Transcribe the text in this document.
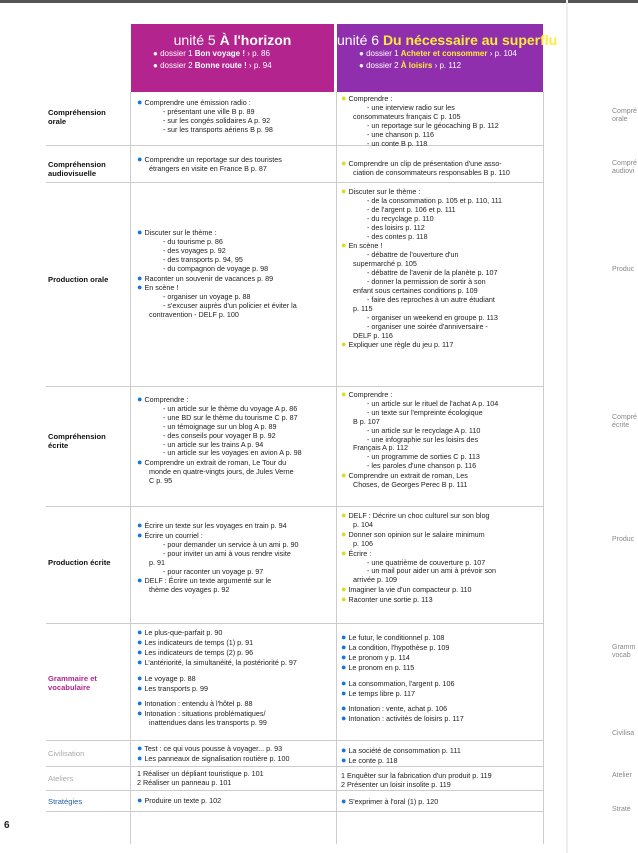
unité 5 À l'horizon
● dossier 1 Bon voyage ! › p. 86
● dossier 2 Bonne route ! › p. 94
unité 6 Du nécessaire au superflu
● dossier 1 Acheter et consommer › p. 104
● dossier 2 À loisirs › p. 112
Compréhension
orale
Compréhension
audiovisuelle
Production orale
Compréhension
écrite
Production écrite
Grammaire et
vocabulaire
Civilisation
Ateliers
Stratégies
● Comprendre une émission radio :
- présentant une ville B p. 89
- sur les congés solidaires A p. 92
- sur les transports aériens B p. 98
● Comprendre un reportage sur des touristes
étrangers en visite en France B p. 87
● Discuter sur le thème :
- du tourisme p. 86
- des voyages p. 92
- des transports p. 94, 95
- du compagnon de voyage p. 98
● Raconter un souvenir de vacances p. 89
● En scène !
- organiser un voyage p. 88
- s'excuser auprès d'un policier et éviter la
contravention - DELF p. 100
● Comprendre :
- un article sur le thème du voyage A p. 86
- une BD sur le thème du tourisme C p. 87
- un témoignage sur un blog A p. 89
- des conseils pour voyager B p. 92
- un article sur les trains A p. 94
- un article sur les voyages en avion A p. 98
● Comprendre un extrait de roman, Le Tour du
monde en quatre-vingts jours, de Jules Verne
C p. 95
● Écrire un texte sur les voyages en train p. 94
● Écrire un courriel :
- pour demander un service à un ami p. 90
- pour inviter un ami à vous rendre visite
p. 91
- pour raconter un voyage p. 97
● DELF : Écrire un texte argumenté sur le
thème des voyages p. 92
● Le plus-que-parfait p. 90
● Les indicateurs de temps (1) p. 91
● Les indicateurs de temps (2) p. 96
● L'antériorité, la simultanéité, la postériorité p. 97
● Le voyage p. 88
● Les transports p. 99
● Intonation : entendu à l'hôtel p. 88
● Intonation : situations problématiques/
inattendues dans les transports p. 99
● Test : ce qui vous pousse à voyager... p. 93
● Les panneaux de signalisation routière p. 100
1 Réaliser un dépliant touristique p. 101
2 Réaliser un panneau p. 101
● Produire un texte p. 102
● Comprendre :
- une interview radio sur les
consommateurs français C p. 105
- un reportage sur le géocaching B p. 112
- une chanson p. 116
- un conte B p. 118
● Comprendre un clip de présentation d'une asso-
ciation de consommateurs responsables B p. 110
● Discuter sur le thème :
- de la consommation p. 105 et p. 110, 111
- de l'argent p. 106 et p. 111
- du recyclage p. 110
- des loisirs p. 112
- des contes p. 118
● En scène !
- débattre de l'ouverture d'un
supermarché p. 105
- débattre de l'avenir de la planète p. 107
- donner la permission de sortir à son
enfant sous certaines conditions p. 109
- faire des reproches à un autre étudiant
p. 115
- organiser un weekend en groupe p. 113
- organiser une soirée d'anniversaire -
DELF p. 116
● Expliquer une règle du jeu p. 117
● Comprendre :
- un article sur le rituel de l'achat A p. 104
- un texte sur l'empreinte écologique
B p. 107
- un article sur le recyclage A p. 110
- une infographie sur les loisirs des
Français A p. 112
- un programme de sorties C p. 113
- les paroles d'une chanson p. 116
● Comprendre un extrait de roman, Les
Choses, de Georges Perec B p. 111
● DELF : Décrire un choc culturel sur son blog
p. 104
● Donner son opinion sur le salaire minimum
p. 106
● Écrire :
- une quatrième de couverture p. 107
- un mail pour aider un ami à prévoir son
arrivée p. 109
● Imaginer la vie d'un compacteur p. 110
● Raconter une sortie p. 113
● Le futur, le conditionnel p. 108
● La condition, l'hypothèse p. 109
● Le pronom y p. 114
● Le pronom en p. 115
● La consommation, l'argent p. 106
● Le temps libre p. 117
● Intonation : vente, achat p. 106
● Intonation : activités de loisirs p. 117
● La société de consommation p. 111
● Le conte p. 118
1 Enquêter sur la fabrication d'un produit p. 119
2 Présenter un loisir insolite p. 119
● S'exprimer à l'oral (1) p. 120
Compré
orale
Compré
audiovi
Produc
Compré
écrite
Produc
Gramm
vocab
Civilisa
Atelier
Straté
6
